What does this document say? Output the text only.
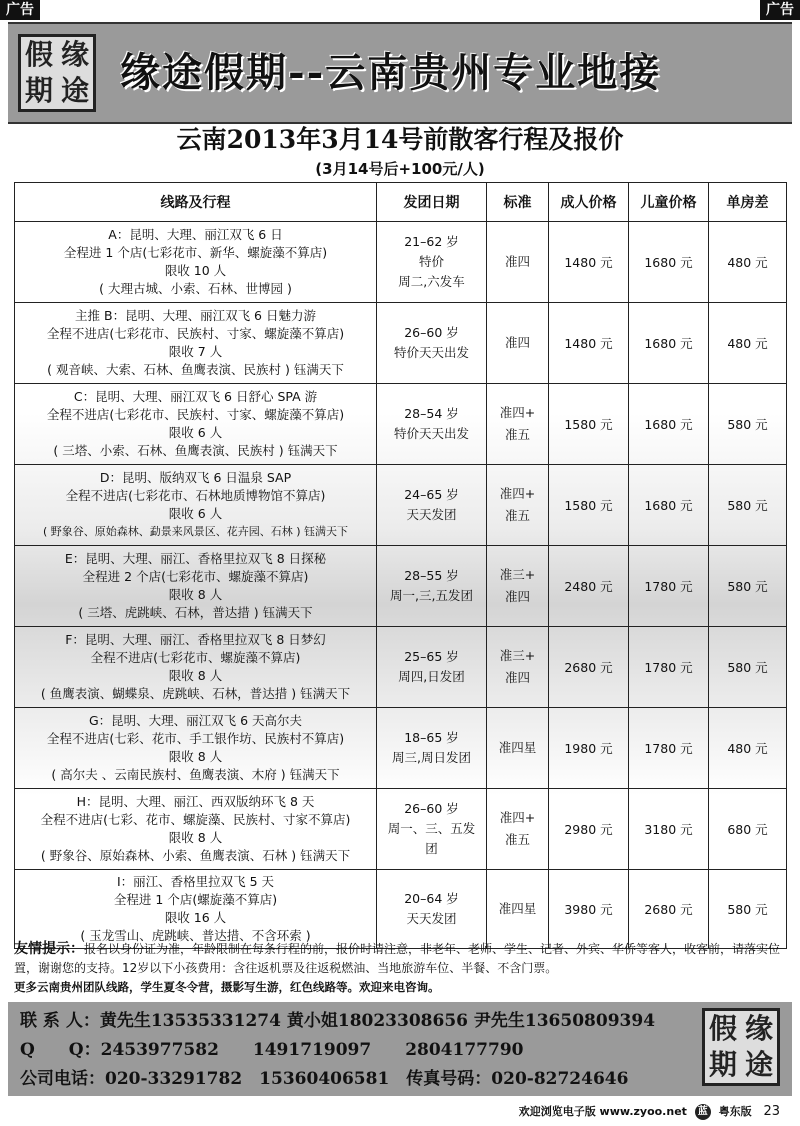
广告	广告
假 缘
期 途 缘途假期--云南贵州专业地接
云南2013年3月14号前散客行程及报价
(3月14号后+100元/人)
线路及行程	发团日期	标准	成人价格	儿童价格	单房差

A：昆明、大理、丽江双飞 6 日
全程进 1 个店(七彩花市、新华、螺旋藻不算店)
限收 10 人
( 大理古城、小索、石林、世博园 )	21–62 岁
特价
周二,六发车	准四	1480 元	1680 元	480 元

主推 B：昆明、大理、丽江双飞 6 日魅力游
全程不进店(七彩花市、民族村、寸家、螺旋藻不算店)
限收 7 人
( 观音峡、大索、石林、鱼鹰表演、民族村 ) 钰满天下	26–60 岁
特价天天出发	准四	1480 元	1680 元	480 元

C：昆明、大理、丽江双飞 6 日舒心 SPA 游
全程不进店(七彩花市、民族村、寸家、螺旋藻不算店)
限收 6 人
( 三塔、小索、石林、鱼鹰表演、民族村 ) 钰满天下	28–54 岁
特价天天出发	准四+
准五	1580 元	1680 元	580 元

D：昆明、版纳双飞 6 日温泉 SAP
全程不进店(七彩花市、石林地质博物馆不算店)
限收 6 人
( 野象谷、原始森林、勐景来风景区、花卉园、石林 ) 钰满天下	24–65 岁
天天发团	准四+
准五	1580 元	1680 元	580 元

E：昆明、大理、丽江、香格里拉双飞 8 日探秘
全程进 2 个店(七彩花市、螺旋藻不算店)
限收 8 人
( 三塔、虎跳峡、石林，普达措 ) 钰满天下	28–55 岁
周一,三,五发团	准三+
准四	2480 元	1780 元	580 元

F：昆明、大理、丽江、香格里拉双飞 8 日梦幻
全程不进店(七彩花市、螺旋藻不算店)
限收 8 人
( 鱼鹰表演、蝴蝶泉、虎跳峡、石林，普达措 ) 钰满天下	25–65 岁
周四,日发团	准三+
准四	2680 元	1780 元	580 元

G：昆明、大理、丽江双飞 6 天高尔夫
全程不进店(七彩、花市、手工银作坊、民族村不算店)
限收 8 人
( 高尔夫 、云南民族村、鱼鹰表演、木府 ) 钰满天下	18–65 岁
周三,周日发团	准四星	1980 元	1780 元	480 元

H：昆明、大理、丽江、西双版纳环飞 8 天
全程不进店(七彩、花市、螺旋藻、民族村、寸家不算店)
限收 8 人
( 野象谷、原始森林、小索、鱼鹰表演、石林 ) 钰满天下	26–60 岁
周一、三、五发
团	准四+
准五	2980 元	3180 元	680 元

I：丽江、香格里拉双飞 5 天
全程进 1 个店(螺旋藻不算店)
限收 16 人
( 玉龙雪山、虎跳峡、普达措、不含环索 )	20–64 岁
天天发团	准四星	3980 元	2680 元	580 元
友情提示：报名以身份证为准，年龄限制在每条行程的前，报价时请注意，非老年、老师、学生、记者、外宾、华侨等客人，收客前，请落实位置，谢谢您的支持。12岁以下小孩费用：含往返机票及往返税燃油、当地旅游车位、半餐、不含门票。
更多云南贵州团队线路，学生夏冬令营，摄影写生游，红色线路等。欢迎来电咨询。
联 系 人：黄先生13535331274 黄小姐18023308656 尹先生13650809394
Q　　Q：2453977582　　1491719097　　2804177790
公司电话：020-33291782　15360406581　传真号码：020-82724646
假 缘
期 途
欢迎浏览电子版 www.zyoo.net 蓝 粤东版 23
